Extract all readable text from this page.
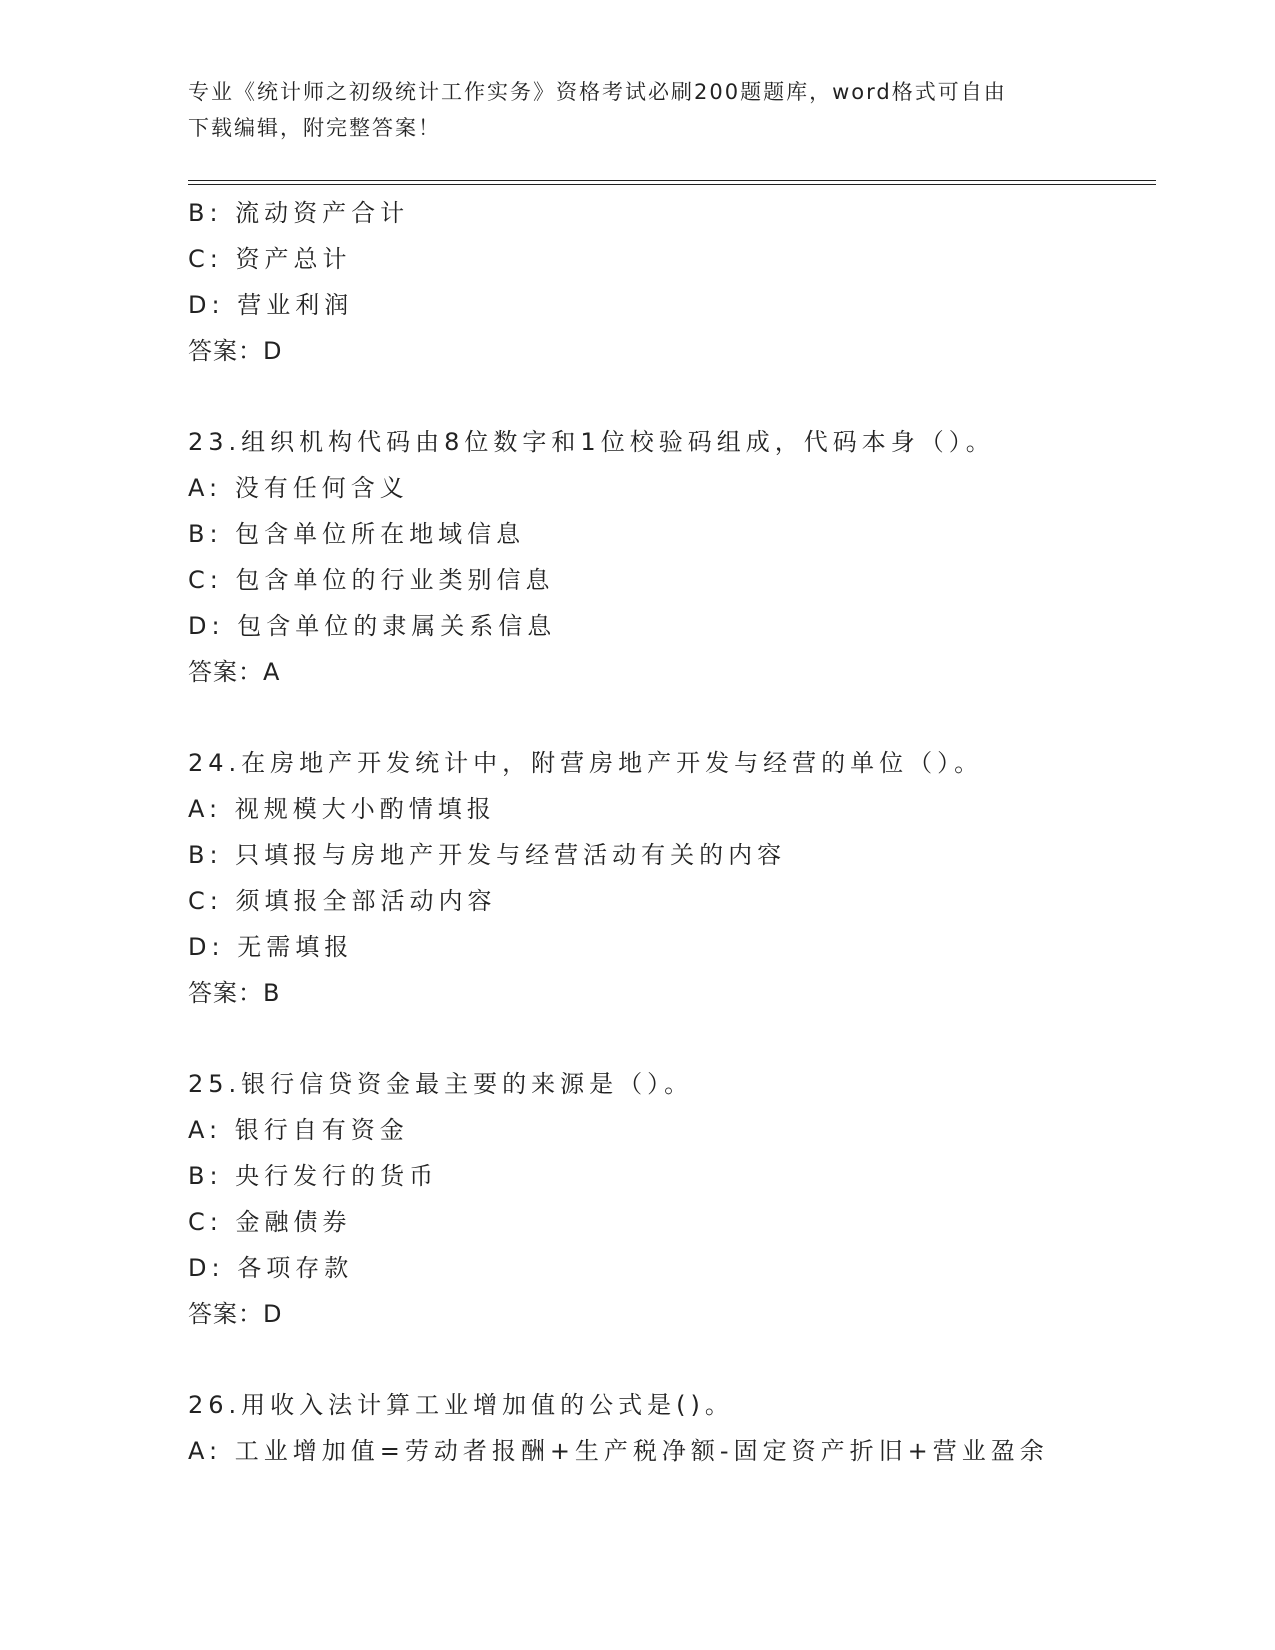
专业《统计师之初级统计工作实务》资格考试必刷200题题库，word格式可自由
下载编辑，附完整答案！
B: 流动资产合计
C: 资产总计
D: 营业利润
答案：D
23.组织机构代码由8位数字和1位校验码组成，代码本身（）。
A: 没有任何含义
B: 包含单位所在地域信息
C: 包含单位的行业类别信息
D: 包含单位的隶属关系信息
答案：A
24.在房地产开发统计中，附营房地产开发与经营的单位（）。
A: 视规模大小酌情填报
B: 只填报与房地产开发与经营活动有关的内容
C: 须填报全部活动内容
D: 无需填报
答案：B
25.银行信贷资金最主要的来源是（）。
A: 银行自有资金
B: 央行发行的货币
C: 金融债券
D: 各项存款
答案：D
26.用收入法计算工业增加值的公式是()。
A: 工业增加值=劳动者报酬+生产税净额-固定资产折旧+营业盈余
